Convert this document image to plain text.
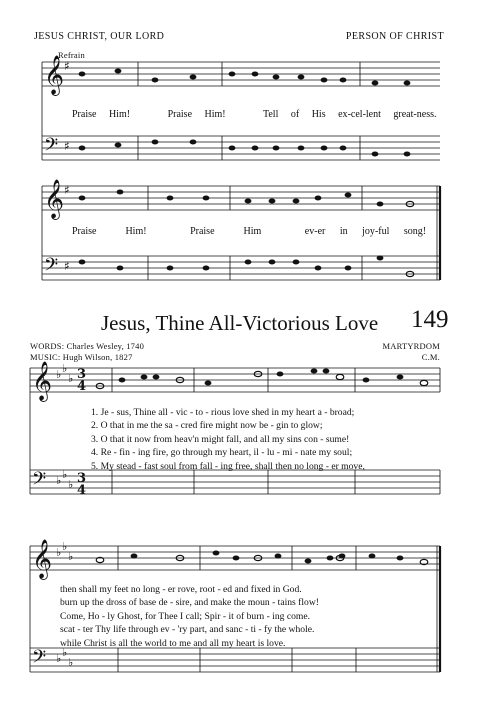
JESUS CHRIST, OUR LORD	PERSON OF CHRIST
Refrain
𝄞
𝄢
♯
♯
𝄞
𝄢
♯
♯
𝄞
𝄢
♭ ♭
♭
♭ ♭
♭
3
4
3
4
𝄞
𝄢
♭ ♭
♭
♭ ♭
♭
Praise Him!	Praise Him!	Tell of His ex-cel-lent great-ness.
Praise	Him!	Praise	Him	ev-er in joy-ful song!
Jesus, Thine All-Victorious Love 149
WORDS: Charles Wesley, 1740
MUSIC: Hugh Wilson, 1827
MARTYRDOM
C.M.
1. Je - sus, Thine all - vic - to - rious love shed in my heart a - broad;
2. O that in me the sa - cred fire might now be - gin to glow;
3. O that it now from heav'n might fall, and all my sins con - sume!
4. Re - fin - ing fire, go through my heart, il - lu - mi - nate my soul;
5. My stead - fast soul from fall - ing free, shall then no long - er move,
then shall my feet no long - er rove, root - ed and fixed in God.
burn up the dross of base de - sire, and make the moun - tains flow!
Come, Ho - ly Ghost, for Thee I call; Spir - it of burn - ing come.
scat - ter Thy life through ev - 'ry part, and sanc - ti - fy the whole.
while Christ is all the world to me and all my heart is love.
